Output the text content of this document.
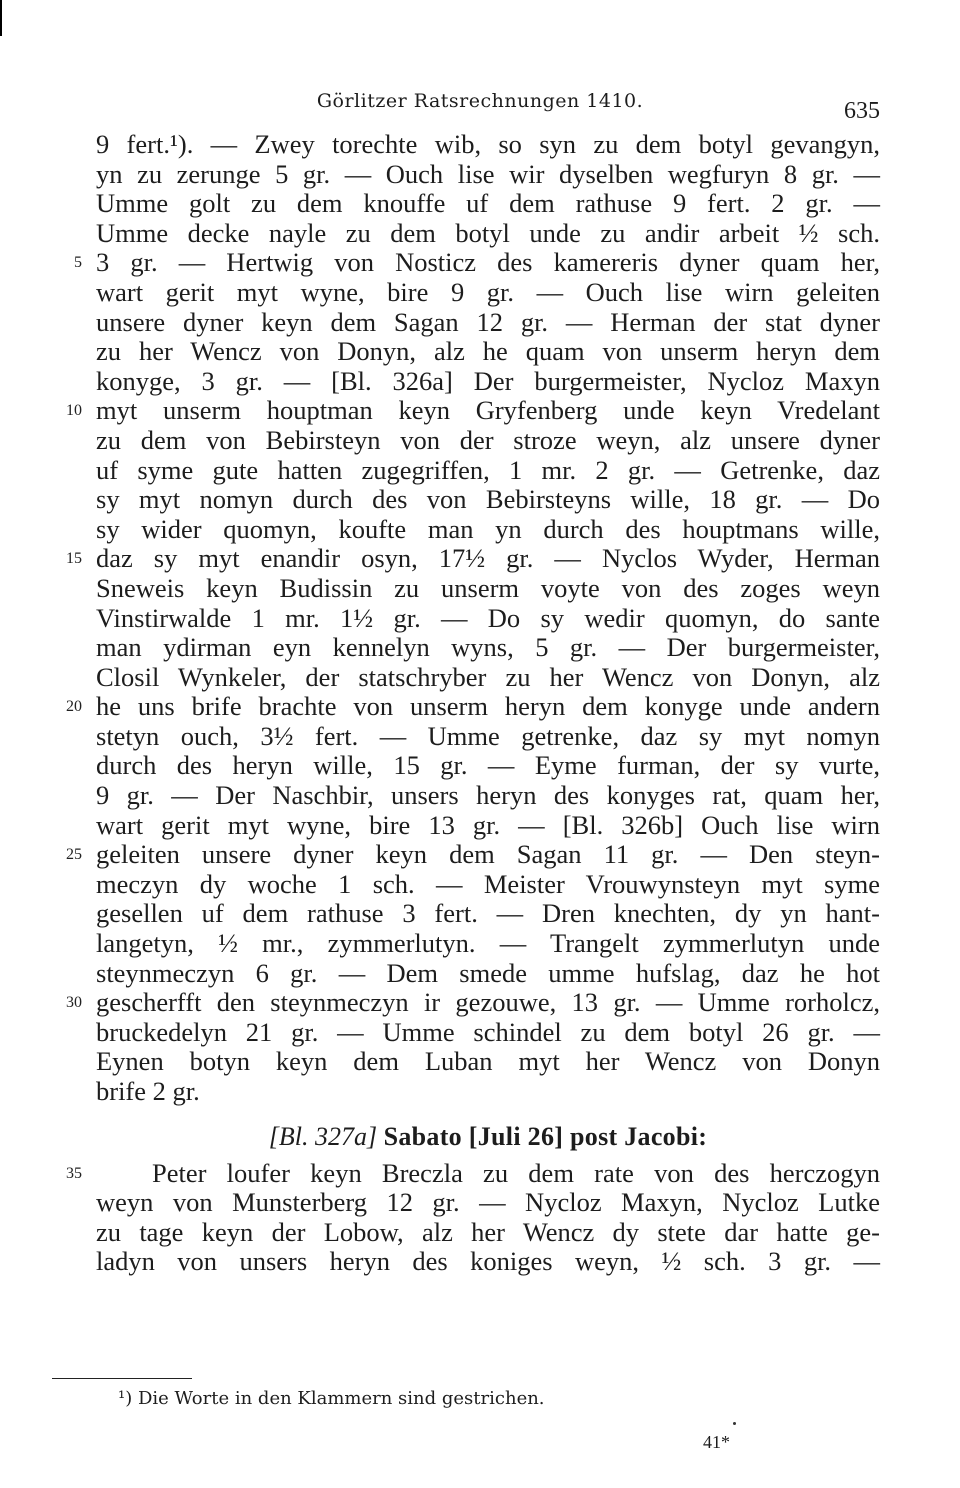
Görlitzer Ratsrechnungen 1410.	635
9 fert.¹). — Zwey torechte wib, so syn zu dem botyl gevangyn,
yn zu zerunge 5 gr. — Ouch lise wir dyselben wegfuryn 8 gr. —
Umme golt zu dem knouffe uf dem rathuse 9 fert. 2 gr. —
Umme decke nayle zu dem botyl unde zu andir arbeit ½ sch.
5 3 gr. — Hertwig von Nosticz des kamereris dyner quam her,
wart gerit myt wyne, bire 9 gr. — Ouch lise wirn geleiten
unsere dyner keyn dem Sagan 12 gr. — Herman der stat dyner
zu her Wencz von Donyn, alz he quam von unserm heryn dem
konyge, 3 gr. — [Bl. 326a] Der burgermeister, Nycloz Maxyn
10 myt unserm houptman keyn Gryfenberg unde keyn Vredelant
zu dem von Bebirsteyn von der stroze weyn, alz unsere dyner
uf syme gute hatten zugegriffen, 1 mr. 2 gr. — Getrenke, daz
sy myt nomyn durch des von Bebirsteyns wille, 18 gr. — Do
sy wider quomyn, koufte man yn durch des houptmans wille,
15 daz sy myt enandir osyn, 17½ gr. — Nyclos Wyder, Herman
Sneweis keyn Budissin zu unserm voyte von des zoges weyn
Vinstirwalde 1 mr. 1½ gr. — Do sy wedir quomyn, do sante
man ydirman eyn kennelyn wyns, 5 gr. — Der burgermeister,
Closil Wynkeler, der statschryber zu her Wencz von Donyn, alz
20 he uns brife brachte von unserm heryn dem konyge unde andern
stetyn ouch, 3½ fert. — Umme getrenke, daz sy myt nomyn
durch des heryn wille, 15 gr. — Eyme furman, der sy vurte,
9 gr. — Der Naschbir, unsers heryn des konyges rat, quam her,
wart gerit myt wyne, bire 13 gr. — [Bl. 326b] Ouch lise wirn
25 geleiten unsere dyner keyn dem Sagan 11 gr. — Den steyn-
meczyn dy woche 1 sch. — Meister Vrouwynsteyn myt syme
gesellen uf dem rathuse 3 fert. — Dren knechten, dy yn hant-
langetyn, ½ mr., zymmerlutyn. — Trangelt zymmerlutyn unde
steynmeczyn 6 gr. — Dem smede umme hufslag, daz he hot
30 gescherfft den steynmeczyn ir gezouwe, 13 gr. — Umme rorholcz,
bruckedelyn 21 gr. — Umme schindel zu dem botyl 26 gr. —
Eynen botyn keyn dem Luban myt her Wencz von Donyn
brife 2 gr.
[Bl. 327a] Sabato [Juli 26] post Jacobi:
35	Peter loufer keyn Breczla zu dem rate von des herczogyn
weyn von Munsterberg 12 gr. — Nycloz Maxyn, Nycloz Lutke
zu tage keyn der Lobow, alz her Wencz dy stete dar hatte ge-
ladyn von unsers heryn des koniges weyn, ½ sch. 3 gr. —
¹) Die Worte in den Klammern sind gestrichen.
41*
